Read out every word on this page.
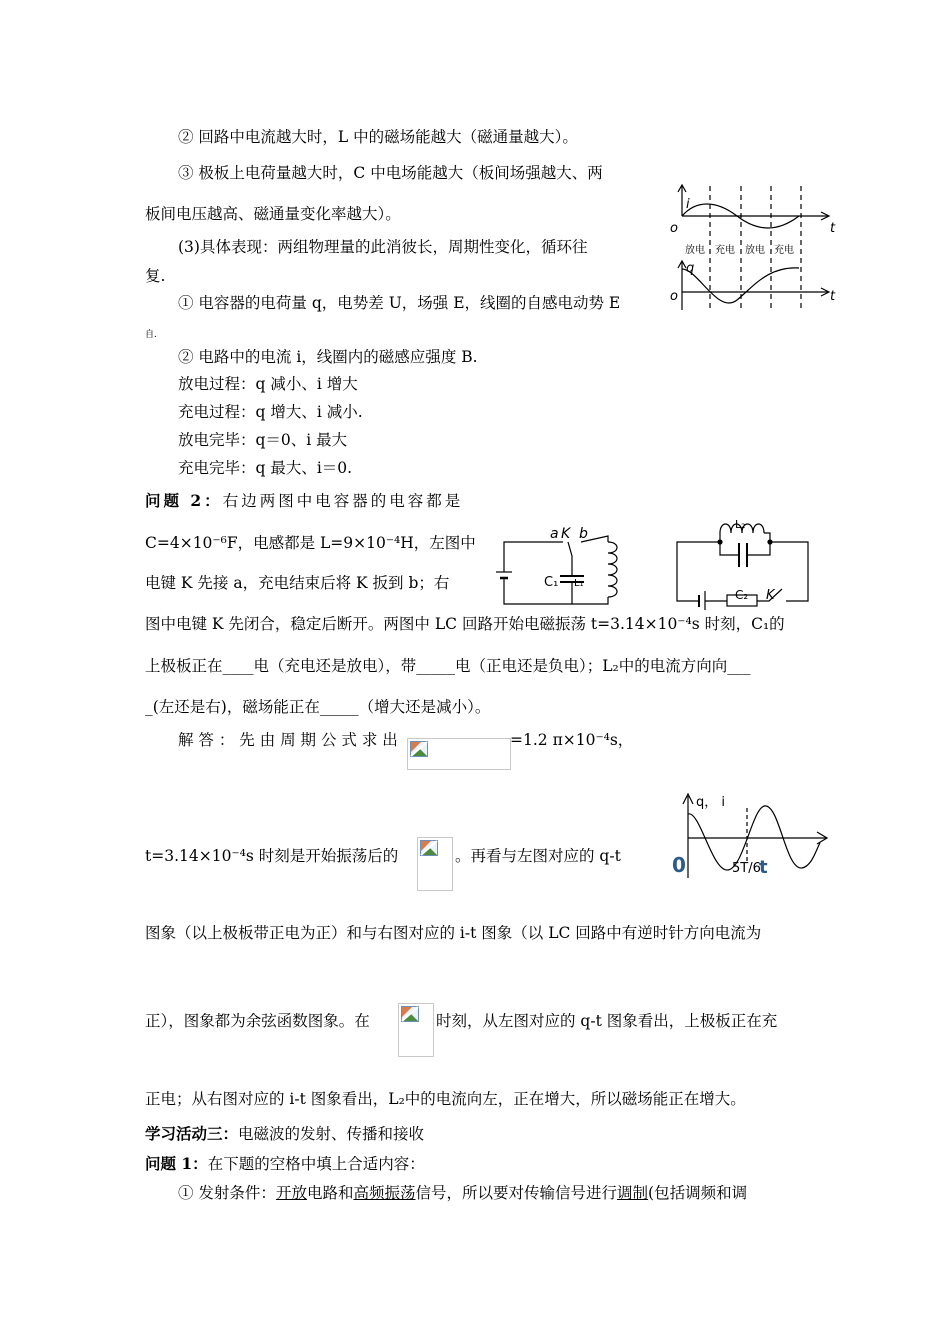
② 回路中电流越大时，L 中的磁场能越大（磁通量越大）。
③ 极板上电荷量越大时，C 中电场能越大（板间场强越大、两
板间电压越高、磁通量变化率越大）。
(3)具体表现：两组物理量的此消彼长，周期性变化，循环往
复.
① 电容器的电荷量 q，电势差 U，场强 E，线圈的自感电动势 E
自.
② 电路中的电流 i，线圈内的磁感应强度 B.
放电过程：q 减小、i 增大
充电过程：q 增大、i 减小.
放电完毕：q＝0、i 最大
充电完毕：q 最大、i＝0.
i
o	t
放电 充电 放电 充电
q
o	t
问题 2：右边两图中电容器的电容都是
C=4×10⁻⁶F，电感都是 L=9×10⁻⁴H，左图中
电键 K 先接 a，充电结束后将 K 扳到 b；右
图中电键 K 先闭合，稳定后断开。两图中 LC 回路开始电磁振荡 t=3.14×10⁻⁴s 时刻，C₁的
上极板正在____电（充电还是放电），带_____电（正电还是负电）；L₂中的电流方向向___
_(左还是右)，磁场能正在_____（增大还是减小）。
a K b
C₁ L₁
L₂
C₂ K
解 答 ： 先 由 周 期 公 式 求 出	=1.2 π×10⁻⁴s，
q， i
0	5T/6
t
t=3.14×10⁻⁴s 时刻是开始振荡后的	。再看与左图对应的 q-t
图象（以上极板带正电为正）和与右图对应的 i-t 图象（以 LC 回路中有逆时针方向电流为
正），图象都为余弦函数图象。在	时刻，从左图对应的 q-t 图象看出，上极板正在充
正电；从右图对应的 i-t 图象看出，L₂中的电流向左，正在增大，所以磁场能正在增大。
学习活动三：电磁波的发射、传播和接收
问题 1：在下题的空格中填上合适内容：
① 发射条件：开放电路和高频振荡信号，所以要对传输信号进行调制(包括调频和调
